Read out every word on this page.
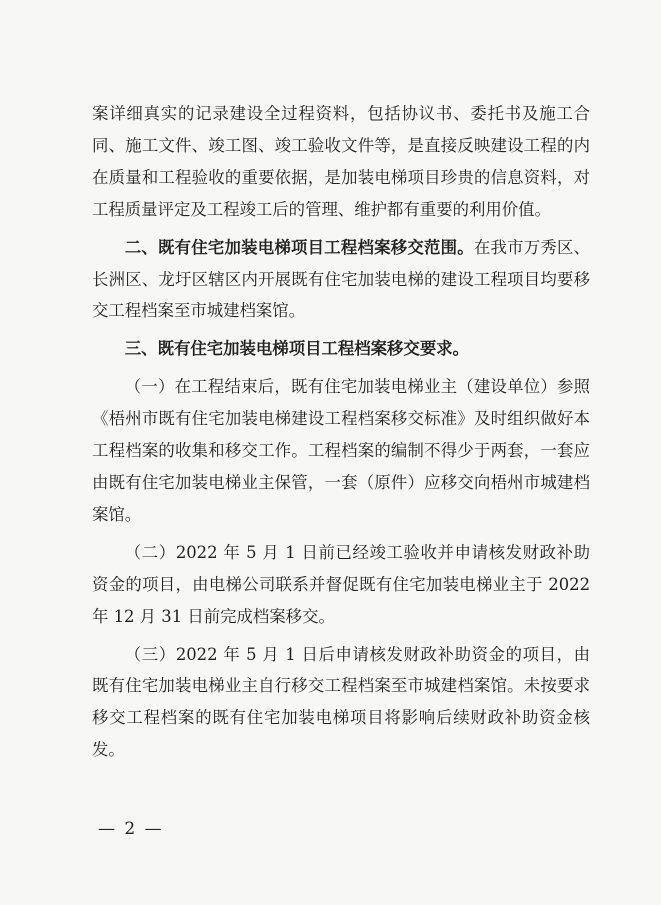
案详细真实的记录建设全过程资料，包括协议书、委托书及施工合同、施工文件、竣工图、竣工验收文件等，是直接反映建设工程的内在质量和工程验收的重要依据，是加装电梯项目珍贵的信息资料，对工程质量评定及工程竣工后的管理、维护都有重要的利用价值。

二、既有住宅加装电梯项目工程档案移交范围。在我市万秀区、长洲区、龙圩区辖区内开展既有住宅加装电梯的建设工程项目均要移交工程档案至市城建档案馆。

三、既有住宅加装电梯项目工程档案移交要求。

（一）在工程结束后，既有住宅加装电梯业主（建设单位）参照《梧州市既有住宅加装电梯建设工程档案移交标准》及时组织做好本工程档案的收集和移交工作。工程档案的编制不得少于两套，一套应由既有住宅加装电梯业主保管，一套（原件）应移交向梧州市城建档案馆。

（二）2022 年 5 月 1 日前已经竣工验收并申请核发财政补助资金的项目，由电梯公司联系并督促既有住宅加装电梯业主于 2022 年 12 月 31 日前完成档案移交。

（三）2022 年 5 月 1 日后申请核发财政补助资金的项目，由既有住宅加装电梯业主自行移交工程档案至市城建档案馆。未按要求移交工程档案的既有住宅加装电梯项目将影响后续财政补助资金核发。

— 2 —
